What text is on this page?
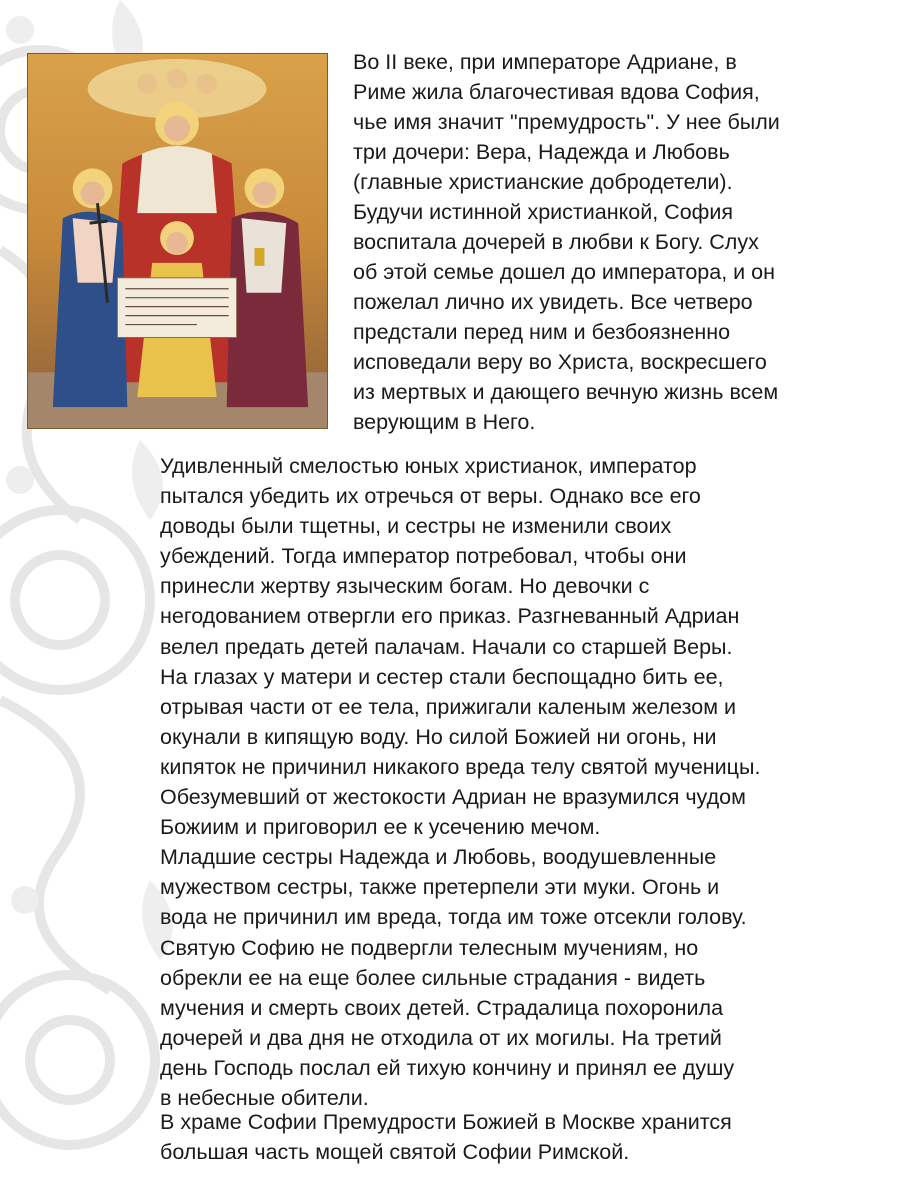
Во II веке, при императоре Адриане, в
Риме жила благочестивая вдова София,
чье имя значит "премудрость". У нее были
три дочери: Вера, Надежда и Любовь
(главные христианские добродетели).
Будучи истинной христианкой, София
воспитала дочерей в любви к Богу. Слух
об этой семье дошел до императора, и он
пожелал лично их увидеть. Все четверо
предстали перед ним и безбоязненно
исповедали веру во Христа, воскресшего
из мертвых и дающего вечную жизнь всем
верующим в Него.

Удивленный смелостью юных христианок, император
пытался убедить их отречься от веры. Однако все его
доводы были тщетны, и сестры не изменили своих
убеждений. Тогда император потребовал, чтобы они
принесли жертву языческим богам. Но девочки с
негодованием отвергли его приказ. Разгневанный Адриан
велел предать детей палачам. Начали со старшей Веры.
На глазах у матери и сестер стали беспощадно бить ее,
отрывая части от ее тела, прижигали каленым железом и
окунали в кипящую воду. Но силой Божией ни огонь, ни
кипяток не причинил никакого вреда телу святой мученицы.
Обезумевший от жестокости Адриан не вразумился чудом
Божиим и приговорил ее к усечению мечом.
Младшие сестры Надежда и Любовь, воодушевленные
мужеством сестры, также претерпели эти муки. Огонь и
вода не причинил им вреда, тогда им тоже отсекли голову.
Святую Софию не подвергли телесным мучениям, но
обрекли ее на еще более сильные страдания - видеть
мучения и смерть своих детей. Страдалица похоронила
дочерей и два дня не отходила от их могилы. На третий
день Господь послал ей тихую кончину и принял ее душу
в небесные обители.

В храме Софии Премудрости Божией в Москве хранится
большая часть мощей святой Софии Римской.
